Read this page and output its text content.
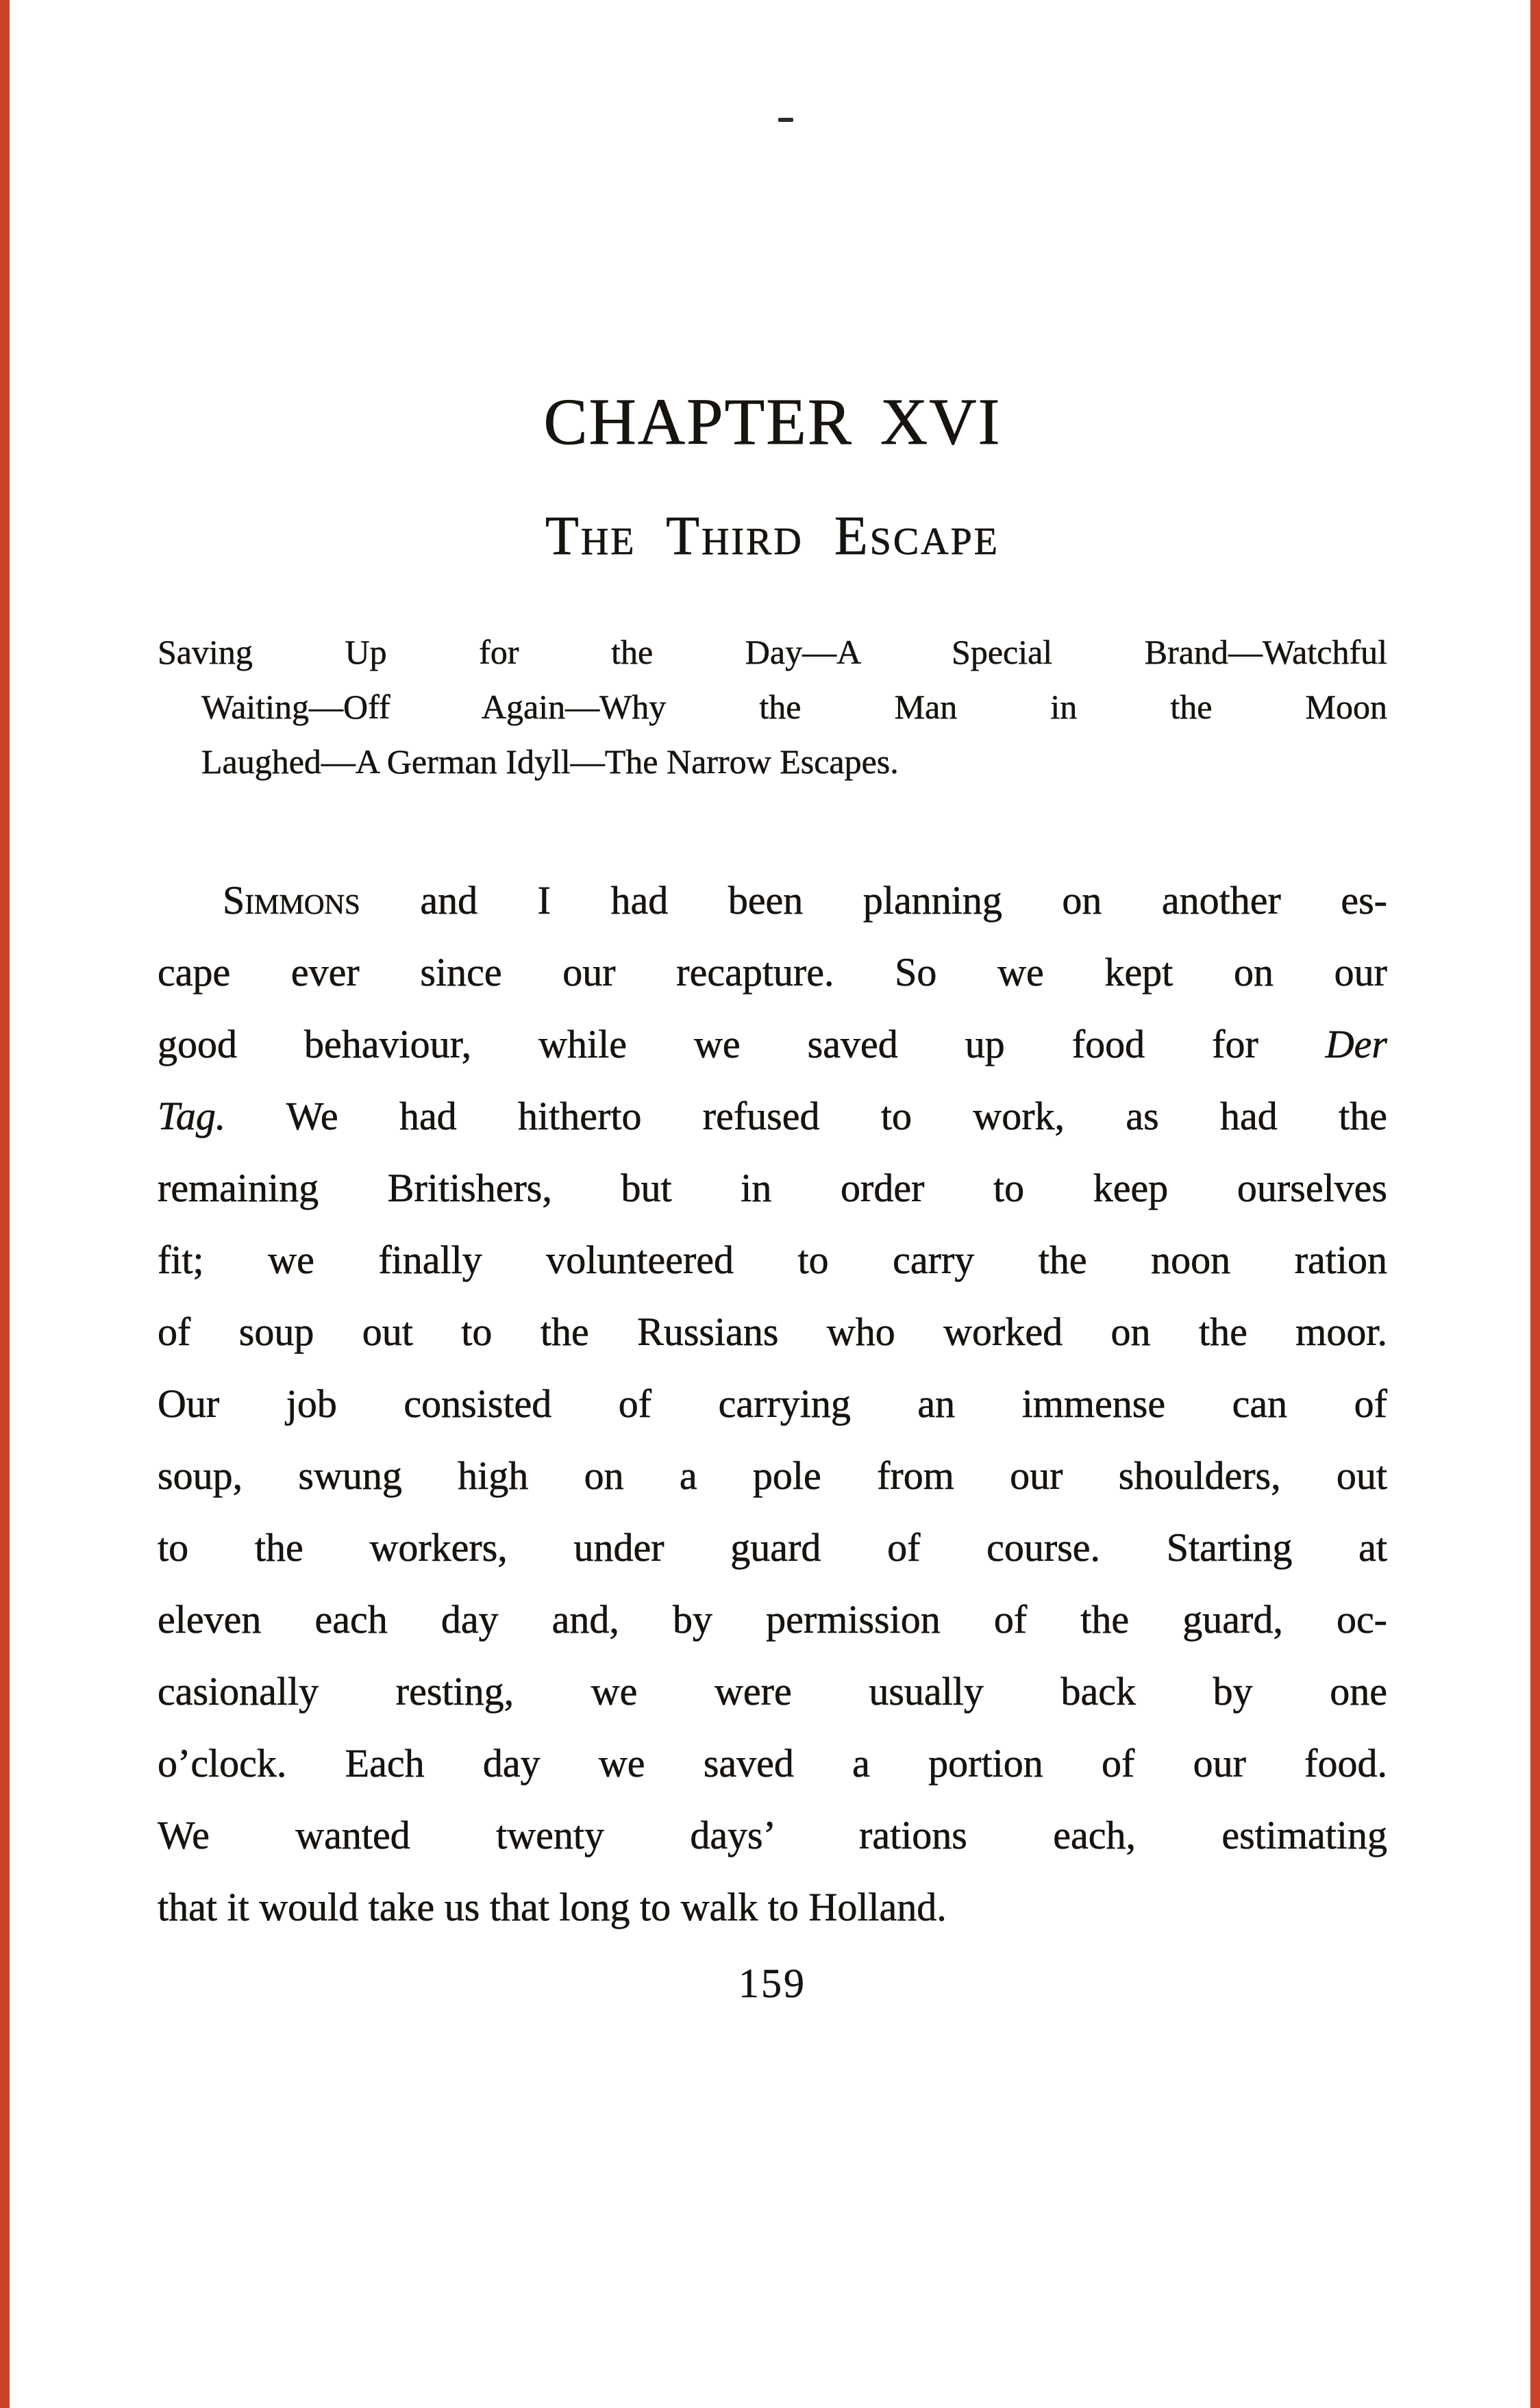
CHAPTER XVI
The Third Escape
Saving Up for the Day—A Special Brand—Watchful
Waiting—Off Again—Why the Man in the Moon
Laughed—A German Idyll—The Narrow Escapes.
Simmons and I had been planning on another es-
cape ever since our recapture. So we kept on our
good behaviour, while we saved up food for Der
Tag. We had hitherto refused to work, as had the
remaining Britishers, but in order to keep ourselves
fit; we finally volunteered to carry the noon ration
of soup out to the Russians who worked on the moor.
Our job consisted of carrying an immense can of
soup, swung high on a pole from our shoulders, out
to the workers, under guard of course. Starting at
eleven each day and, by permission of the guard, oc-
casionally resting, we were usually back by one
o’clock. Each day we saved a portion of our food.
We wanted twenty days’ rations each, estimating
that it would take us that long to walk to Holland.
159
